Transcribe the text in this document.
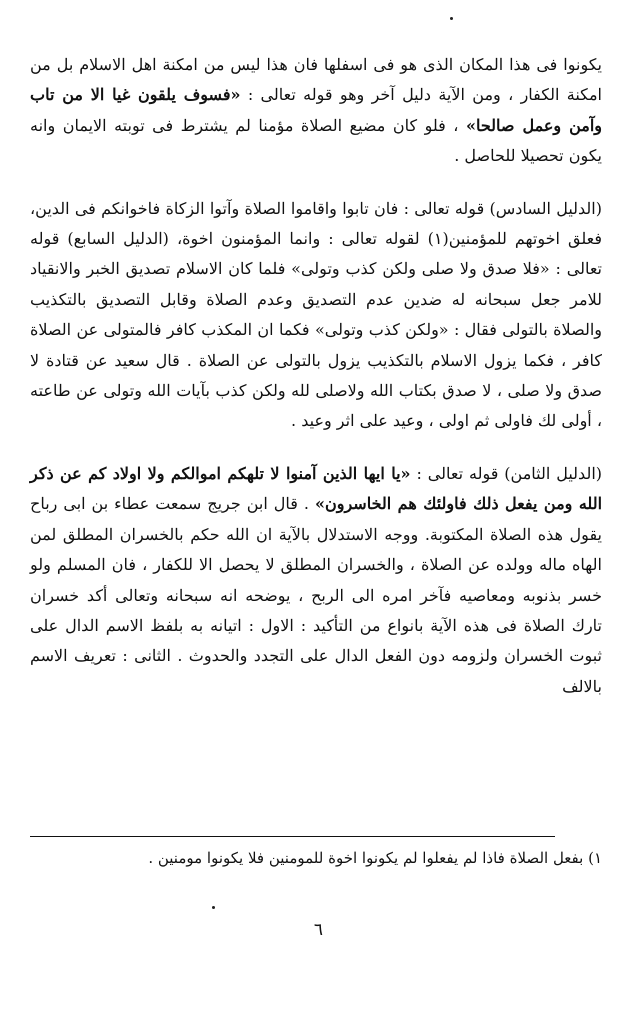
يكونوا فى هذا المكان الذى هو فى اسفلها فان هذا ليس من امكنة اهل الاسلام بل من امكنة الكفار ، ومن الآية دليل آخر وهو قوله تعالى : «فسوف يلقون غيا الا من تاب وآمن وعمل صالحا» ، فلو كان مضيع الصلاة مؤمنا لم يشترط فى توبته الايمان وانه يكون تحصيلا للحاصل .

(الدليل السادس) قوله تعالى : فان تابوا واقاموا الصلاة وآتوا الزكاة فاخوانكم فى الدين، فعلق اخوتهم للمؤمنين(١) لقوله تعالى : وانما المؤمنون اخوة، (الدليل السابع) قوله تعالى : «فلا صدق ولا صلى ولكن كذب وتولى» فلما كان الاسلام تصديق الخبر والانقياد للامر جعل سبحانه له ضدين عدم التصديق وعدم الصلاة وقابل التصديق بالتكذيب والصلاة بالتولى فقال : «ولكن كذب وتولى» فكما ان المكذب كافر فالمتولى عن الصلاة كافر ، فكما يزول الاسلام بالتكذيب يزول بالتولى عن الصلاة . قال سعيد عن قتادة لا صدق ولا صلى ، لا صدق بكتاب الله ولاصلى لله ولكن كذب بآيات الله وتولى عن طاعته ، أولى لك فاولى ثم اولى ، وعيد على اثر وعيد .

(الدليل الثامن) قوله تعالى : «يا ايها الذين آمنوا لا تلهكم اموالكم ولا اولاد كم عن ذكر الله ومن يفعل ذلك فاولئك هم الخاسرون» . قال ابن جريج سمعت عطاء بن ابى رباح يقول هذه الصلاة المكتوبة. ووجه الاستدلال بالآية ان الله حكم بالخسران المطلق لمن الهاه ماله وولده عن الصلاة ، والخسران المطلق لا يحصل الا للكفار ، فان المسلم ولو خسر بذنوبه ومعاصيه فآخر امره الى الربح ، يوضحه انه سبحانه وتعالى أكد خسران تارك الصلاة فى هذه الآية بانواع من التأكيد : الاول : اتيانه به بلفظ الاسم الدال على ثبوت الخسران ولزومه دون الفعل الدال على التجدد والحدوث . الثانى : تعريف الاسم بالالف

١) بفعل الصلاة فاذا لم يفعلوا لم يكونوا اخوة للمومنين فلا يكونوا مومنين .

٦
